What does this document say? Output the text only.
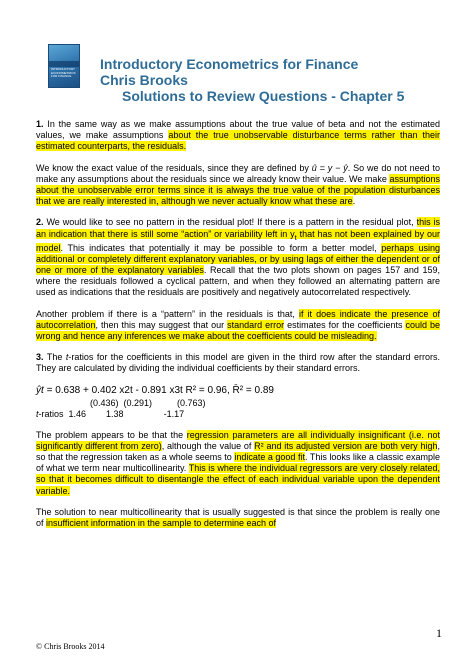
INTRODUCTORY ECONOMETRICS FOR FINANCE
Introductory Econometrics for Finance
Chris Brooks
Solutions to Review Questions - Chapter 5

1. In the same way as we make assumptions about the true value of beta and not the estimated values, we make assumptions about the true unobservable disturbance terms rather than their estimated counterparts, the residuals.

We know the exact value of the residuals, since they are defined by û = y − ŷ. So we do not need to make any assumptions about the residuals since we already know their value. We make assumptions about the unobservable error terms since it is always the true value of the population disturbances that we are really interested in, although we never actually know what these are.

2. We would like to see no pattern in the residual plot! If there is a pattern in the residual plot, this is an indication that there is still some “action” or variability left in $y_t$ that has not been explained by our model. This indicates that potentially it may be possible to form a better model, perhaps using additional or completely different explanatory variables, or by using lags of either the dependent or of one or more of the explanatory variables. Recall that the two plots shown on pages 157 and 159, where the residuals followed a cyclical pattern, and when they followed an alternating pattern are used as indications that the residuals are positively and negatively autocorrelated respectively.

Another problem if there is a “pattern” in the residuals is that, if it does indicate the presence of autocorrelation, then this may suggest that our standard error estimates for the coefficients could be wrong and hence any inferences we make about the coefficients could be misleading.

3. The t-ratios for the coefficients in this model are given in the third row after the standard errors. They are calculated by dividing the individual coefficients by their standard errors.

ŷt = 0.638 + 0.402 x2t - 0.891 x3t R² = 0.96, R̄² = 0.89
(0.436)  (0.291)          (0.763)
t-ratios  1.46        1.38                -1.17

The problem appears to be that the regression parameters are all individually insignificant (i.e. not significantly different from zero), although the value of R² and its adjusted version are both very high, so that the regression taken as a whole seems to indicate a good fit. This looks like a classic example of what we term near multicollinearity. This is where the individual regressors are very closely related, so that it becomes difficult to disentangle the effect of each individual variable upon the dependent variable.

The solution to near multicollinearity that is usually suggested is that since the problem is really one of insufficient information in the sample to determine each of

© Chris Brooks 2014
1
